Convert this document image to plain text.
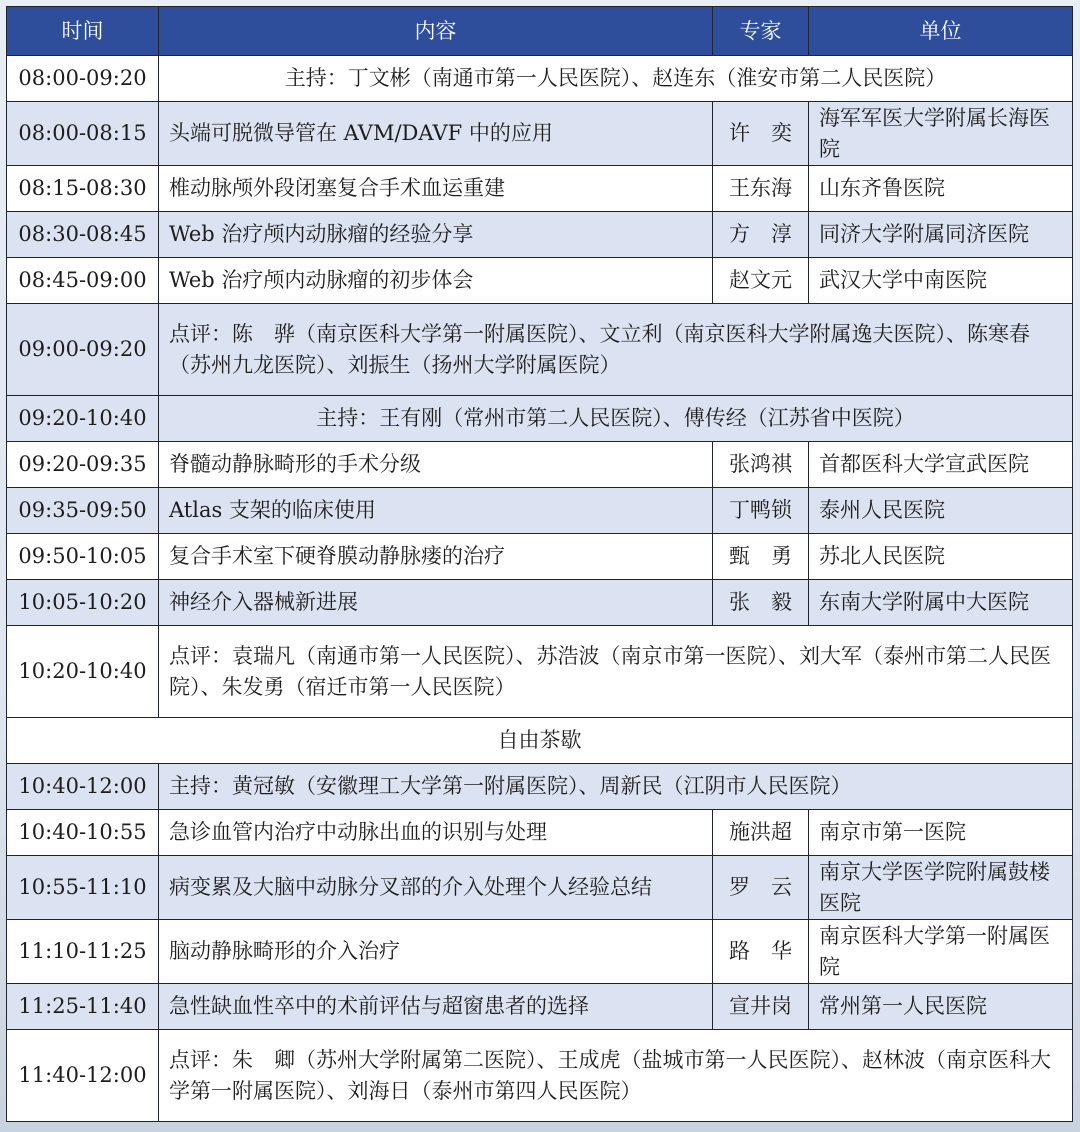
时间	内容	专家	单位
08:00-09:20	主持：丁文彬（南通市第一人民医院）、赵连东（淮安市第二人民医院）		
08:00-08:15	头端可脱微导管在 AVM/DAVF 中的应用	许　奕	海军军医大学附属长海医院
08:15-08:30	椎动脉颅外段闭塞复合手术血运重建	王东海	山东齐鲁医院
08:30-08:45	Web 治疗颅内动脉瘤的经验分享	方　淳	同济大学附属同济医院
08:45-09:00	Web 治疗颅内动脉瘤的初步体会	赵文元	武汉大学中南医院
09:00-09:20	点评：陈　骅（南京医科大学第一附属医院）、文立利（南京医科大学附属逸夫医院）、陈寒春（苏州九龙医院）、刘振生（扬州大学附属医院）		
09:20-10:40	主持：王有刚（常州市第二人民医院）、傅传经（江苏省中医院）		
09:20-09:35	脊髓动静脉畸形的手术分级	张鸿祺	首都医科大学宣武医院
09:35-09:50	Atlas 支架的临床使用	丁鸭锁	泰州人民医院
09:50-10:05	复合手术室下硬脊膜动静脉瘘的治疗	甄　勇	苏北人民医院
10:05-10:20	神经介入器械新进展	张　毅	东南大学附属中大医院
10:20-10:40	点评：袁瑞凡（南通市第一人民医院）、苏浩波（南京市第一医院）、刘大军（泰州市第二人民医院）、朱发勇（宿迁市第一人民医院）		
自由茶歇			
10:40-12:00	主持：黄冠敏（安徽理工大学第一附属医院）、周新民（江阴市人民医院）		
10:40-10:55	急诊血管内治疗中动脉出血的识别与处理	施洪超	南京市第一医院
10:55-11:10	病变累及大脑中动脉分叉部的介入处理个人经验总结	罗　云	南京大学医学院附属鼓楼医院
11:10-11:25	脑动静脉畸形的介入治疗	路　华	南京医科大学第一附属医院
11:25-11:40	急性缺血性卒中的术前评估与超窗患者的选择	宣井岗	常州第一人民医院
11:40-12:00	点评：朱　卿（苏州大学附属第二医院）、王成虎（盐城市第一人民医院）、赵林波（南京医科大学第一附属医院）、刘海日（泰州市第四人民医院）		
